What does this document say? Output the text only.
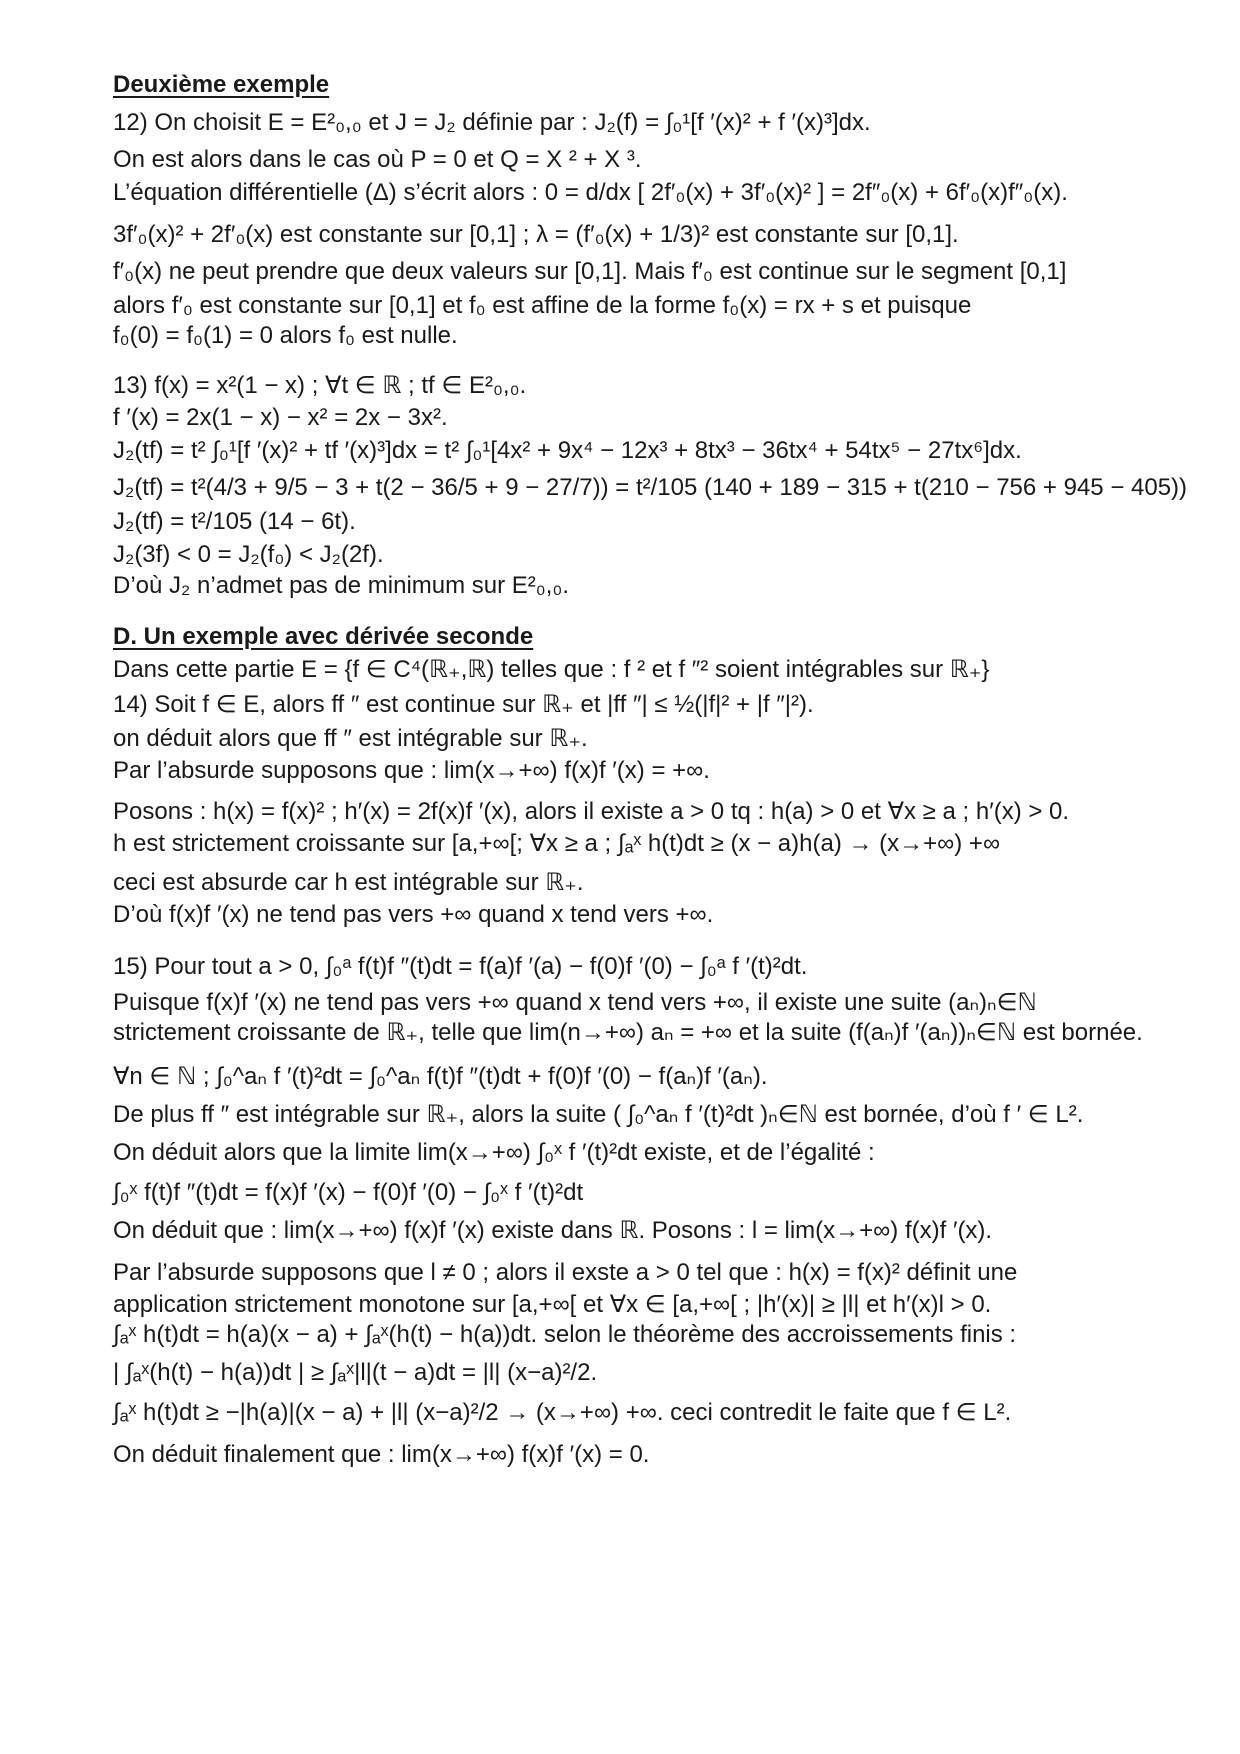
Deuxième exemple
12) On choisit E = E²₀,₀ et J = J₂ définie par : J₂(f) = ∫₀¹[f ′(x)² + f ′(x)³]dx.
On est alors dans le cas où P = 0 et Q = X ² + X ³.
L’équation différentielle (Δ) s’écrit alors : 0 = d/dx [ 2f′₀(x) + 3f′₀(x)² ] = 2f″₀(x) + 6f′₀(x)f″₀(x).
3f′₀(x)² + 2f′₀(x) est constante sur [0,1] ; λ = (f′₀(x) + 1/3)² est constante sur [0,1].
f′₀(x) ne peut prendre que deux valeurs sur [0,1]. Mais f′₀ est continue sur le segment [0,1]
alors f′₀ est constante sur [0,1] et f₀ est affine de la forme f₀(x) = rx + s et puisque
f₀(0) = f₀(1) = 0 alors f₀ est nulle.
13) f(x) = x²(1 − x) ; ∀t ∈ ℝ ; tf ∈ E²₀,₀.
f ′(x) = 2x(1 − x) − x² = 2x − 3x².
J₂(tf) = t² ∫₀¹[f ′(x)² + tf ′(x)³]dx = t² ∫₀¹[4x² + 9x⁴ − 12x³ + 8tx³ − 36tx⁴ + 54tx⁵ − 27tx⁶]dx.
J₂(tf) = t²(4/3 + 9/5 − 3 + t(2 − 36/5 + 9 − 27/7)) = t²/105 (140 + 189 − 315 + t(210 − 756 + 945 − 405))
J₂(tf) = t²/105 (14 − 6t).
J₂(3f) < 0 = J₂(f₀) < J₂(2f).
D’où J₂ n’admet pas de minimum sur E²₀,₀.
D. Un exemple avec dérivée seconde
Dans cette partie E = {f ∈ C⁴(ℝ₊,ℝ) telles que : f ² et f ″² soient intégrables sur ℝ₊}
14) Soit f ∈ E, alors ff ″ est continue sur ℝ₊ et |ff ″| ≤ ½(|f|² + |f ″|²).
on déduit alors que ff ″ est intégrable sur ℝ₊.
Par l’absurde supposons que : lim(x→+∞) f(x)f ′(x) = +∞.
Posons : h(x) = f(x)² ; h′(x) = 2f(x)f ′(x), alors il existe a > 0 tq : h(a) > 0 et ∀x ≥ a ; h′(x) > 0.
h est strictement croissante sur [a,+∞[; ∀x ≥ a ; ∫ₐˣ h(t)dt ≥ (x − a)h(a) → (x→+∞) +∞
ceci est absurde car h est intégrable sur ℝ₊.
D’où f(x)f ′(x) ne tend pas vers +∞ quand x tend vers +∞.
15) Pour tout a > 0, ∫₀ᵃ f(t)f ″(t)dt = f(a)f ′(a) − f(0)f ′(0) − ∫₀ᵃ f ′(t)²dt.
Puisque f(x)f ′(x) ne tend pas vers +∞ quand x tend vers +∞, il existe une suite (aₙ)ₙ∈ℕ
strictement croissante de ℝ₊, telle que lim(n→+∞) aₙ = +∞ et la suite (f(aₙ)f ′(aₙ))ₙ∈ℕ est bornée.
∀n ∈ ℕ ; ∫₀^aₙ f ′(t)²dt = ∫₀^aₙ f(t)f ″(t)dt + f(0)f ′(0) − f(aₙ)f ′(aₙ).
De plus ff ″ est intégrable sur ℝ₊, alors la suite ( ∫₀^aₙ f ′(t)²dt )ₙ∈ℕ est bornée, d’où f ′ ∈ L².
On déduit alors que la limite lim(x→+∞) ∫₀ˣ f ′(t)²dt existe, et de l’égalité :
∫₀ˣ f(t)f ″(t)dt = f(x)f ′(x) − f(0)f ′(0) − ∫₀ˣ f ′(t)²dt
On déduit que : lim(x→+∞) f(x)f ′(x) existe dans ℝ. Posons : l = lim(x→+∞) f(x)f ′(x).
Par l’absurde supposons que l ≠ 0 ; alors il exste a > 0 tel que : h(x) = f(x)² définit une
application strictement monotone sur [a,+∞[ et ∀x ∈ [a,+∞[ ; |h′(x)| ≥ |l| et h′(x)l > 0.
∫ₐˣ h(t)dt = h(a)(x − a) + ∫ₐˣ(h(t) − h(a))dt. selon le théorème des accroissements finis :
| ∫ₐˣ(h(t) − h(a))dt | ≥ ∫ₐˣ|l|(t − a)dt = |l| (x−a)²/2.
∫ₐˣ h(t)dt ≥ −|h(a)|(x − a) + |l| (x−a)²/2 → (x→+∞) +∞. ceci contredit le faite que f ∈ L².
On déduit finalement que : lim(x→+∞) f(x)f ′(x) = 0.
